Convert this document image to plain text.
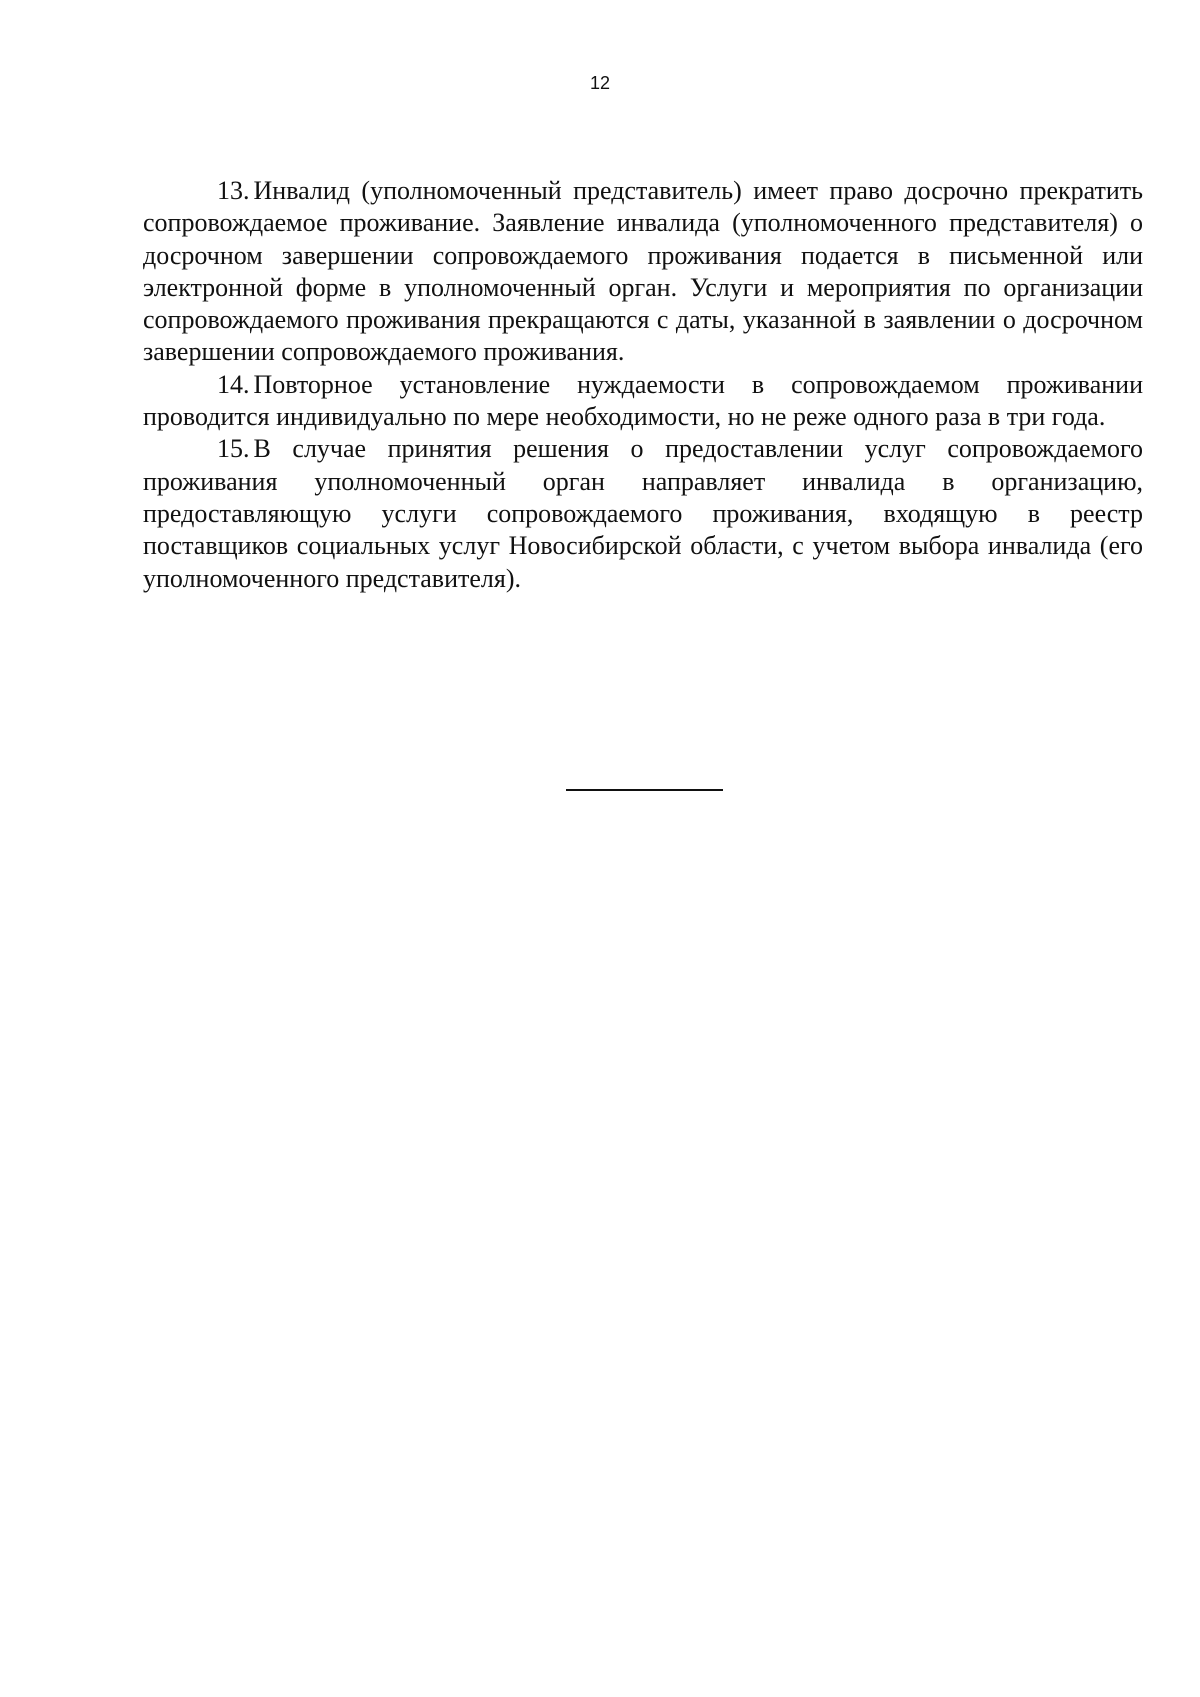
12

13. Инвалид (уполномоченный представитель) имеет право досрочно прекратить сопровождаемое проживание. Заявление инвалида (уполномоченного представителя) о досрочном завершении сопровождаемого проживания подается в письменной или электронной форме в уполномоченный орган. Услуги и мероприятия по организации сопровождаемого проживания прекращаются с даты, указанной в заявлении о досрочном завершении сопровождаемого проживания.

14. Повторное установление нуждаемости в сопровождаемом проживании проводится индивидуально по мере необходимости, но не реже одного раза в три года.

15. В случае принятия решения о предоставлении услуг сопровождаемого проживания уполномоченный орган направляет инвалида в организацию, предоставляющую услуги сопровождаемого проживания, входящую в реестр поставщиков социальных услуг Новосибирской области, с учетом выбора инвалида (его уполномоченного представителя).
